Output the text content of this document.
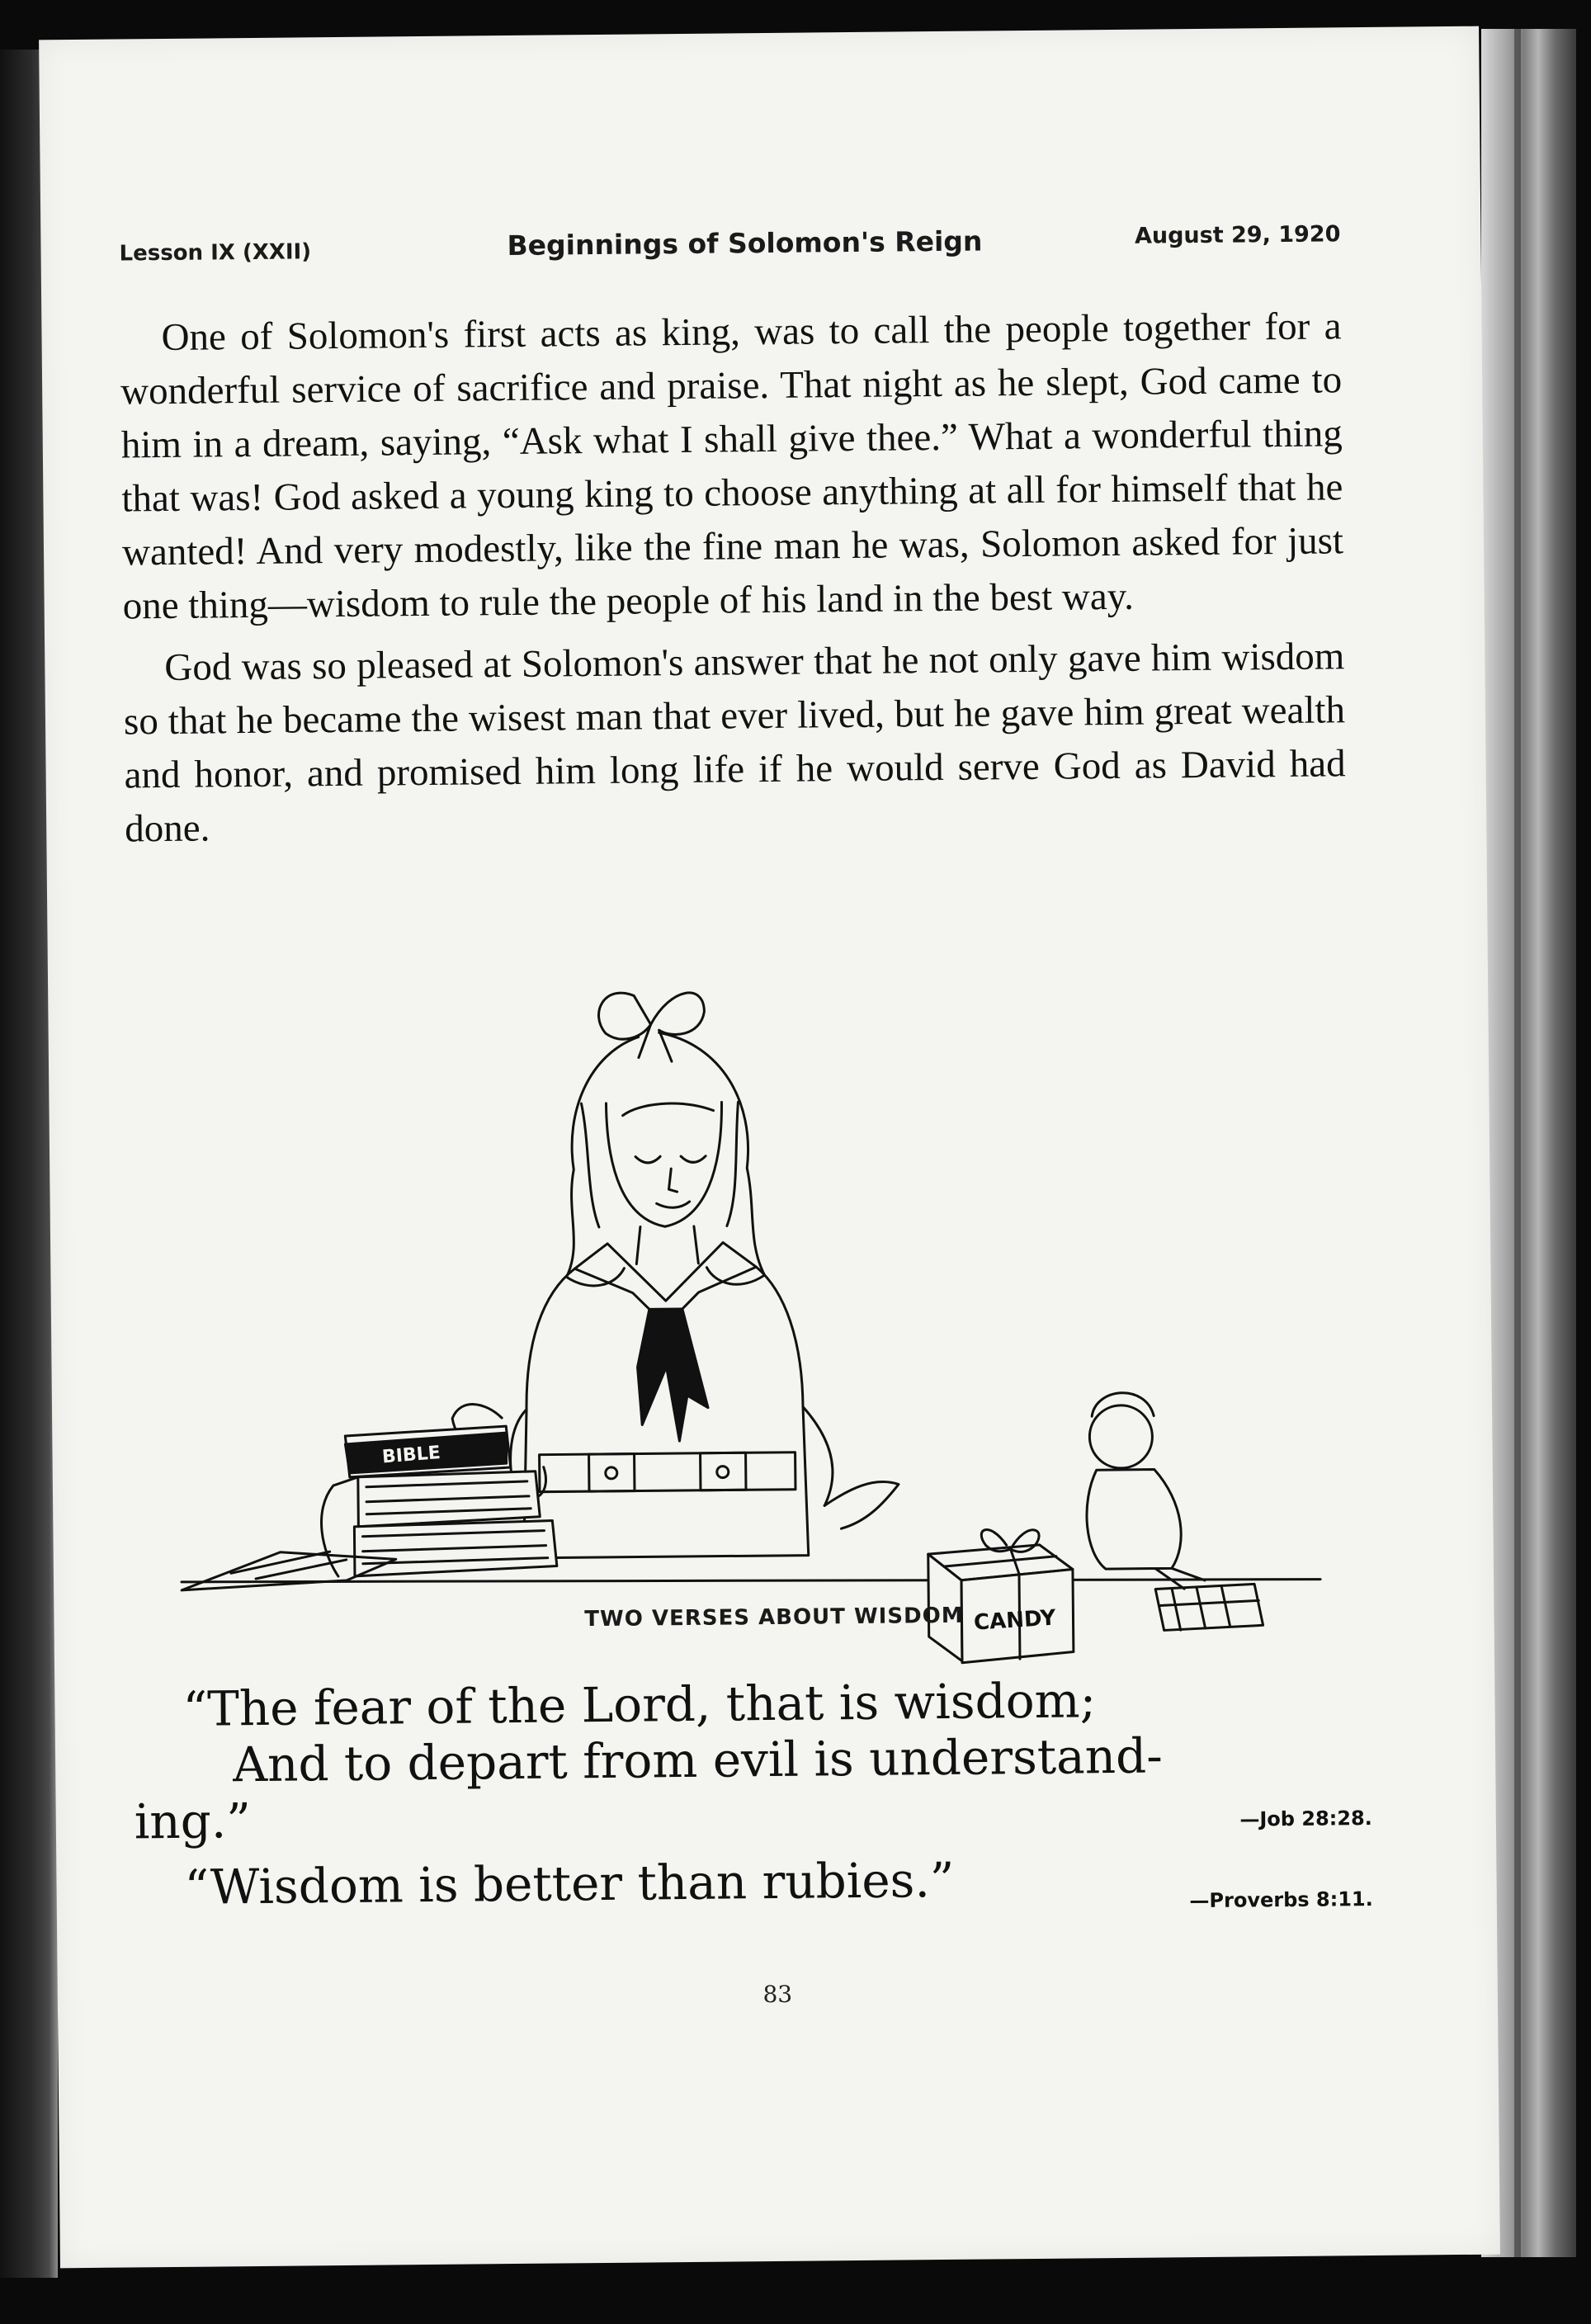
Lesson IX (XXII)	Beginnings of Solomon's Reign	August 29, 1920

One of Solomon's first acts as king, was to call the people together for a wonderful service of sacrifice and praise. That night as he slept, God came to him in a dream, saying, “Ask what I shall give thee.” What a wonderful thing that was! God asked a young king to choose anything at all for himself that he wanted! And very modestly, like the fine man he was, Solomon asked for just one thing—wisdom to rule the people of his land in the best way.

God was so pleased at Solomon's answer that he not only gave him wisdom so that he became the wisest man that ever lived, but he gave him great wealth and honor, and promised him long life if he would serve God as David had done.

BIBLE
CANDY
TWO VERSES ABOUT WISDOM
“The fear of the Lord, that is wisdom;
And to depart from evil is understand-
ing.”	—Job 28:28.
“Wisdom is better than rubies.”	—Proverbs 8:11.
83
